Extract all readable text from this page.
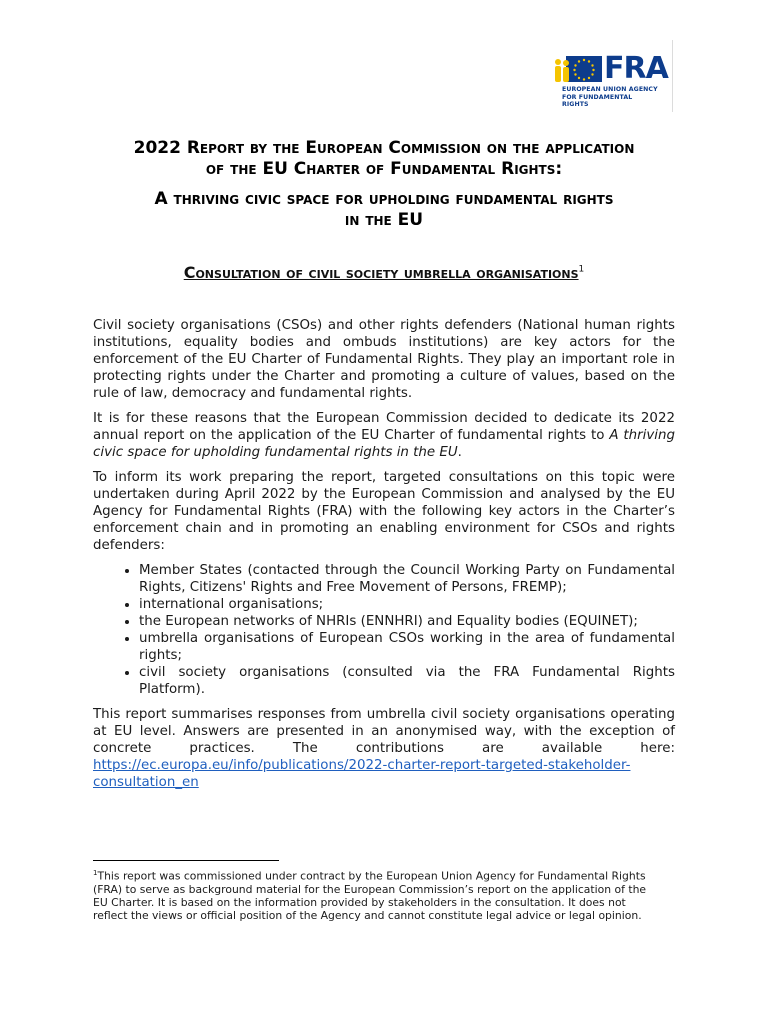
FRA
EUROPEAN UNION AGENCY
FOR FUNDAMENTAL RIGHTS
2022 Report by the European Commission on the application
of the EU Charter of Fundamental Rights:
A thriving civic space for upholding fundamental rights
in the EU
Consultation of civil society umbrella organisations$^1$

Civil society organisations (CSOs) and other rights defenders (National human rights institutions, equality bodies and ombuds institutions) are key actors for the enforcement of the EU Charter of Fundamental Rights. They play an important role in protecting rights under the Charter and promoting a culture of values, based on the rule of law, democracy and fundamental rights.

It is for these reasons that the European Commission decided to dedicate its 2022 annual report on the application of the EU Charter of fundamental rights to A thriving civic space for upholding fundamental rights in the EU.

To inform its work preparing the report, targeted consultations on this topic were undertaken during April 2022 by the European Commission and analysed by the EU Agency for Fundamental Rights (FRA) with the following key actors in the Charter’s enforcement chain and in promoting an enabling environment for CSOs and rights defenders:

• Member States (contacted through the Council Working Party on Fundamental Rights, Citizens' Rights and Free Movement of Persons, FREMP);
• international organisations;
• the European networks of NHRIs (ENNHRI) and Equality bodies (EQUINET);
• umbrella organisations of European CSOs working in the area of fundamental rights;
• civil society organisations (consulted via the FRA Fundamental Rights Platform).

This report summarises responses from umbrella civil society organisations operating at EU level. Answers are presented in an anonymised way, with the exception of concrete practices. The contributions are available here: https://ec.europa.eu/info/publications/2022-charter-report-targeted-stakeholder-consultation_en

$^1$This report was commissioned under contract by the European Union Agency for Fundamental Rights (FRA) to serve as background material for the European Commission’s report on the application of the EU Charter. It is based on the information provided by stakeholders in the consultation. It does not reflect the views or official position of the Agency and cannot constitute legal advice or legal opinion.
